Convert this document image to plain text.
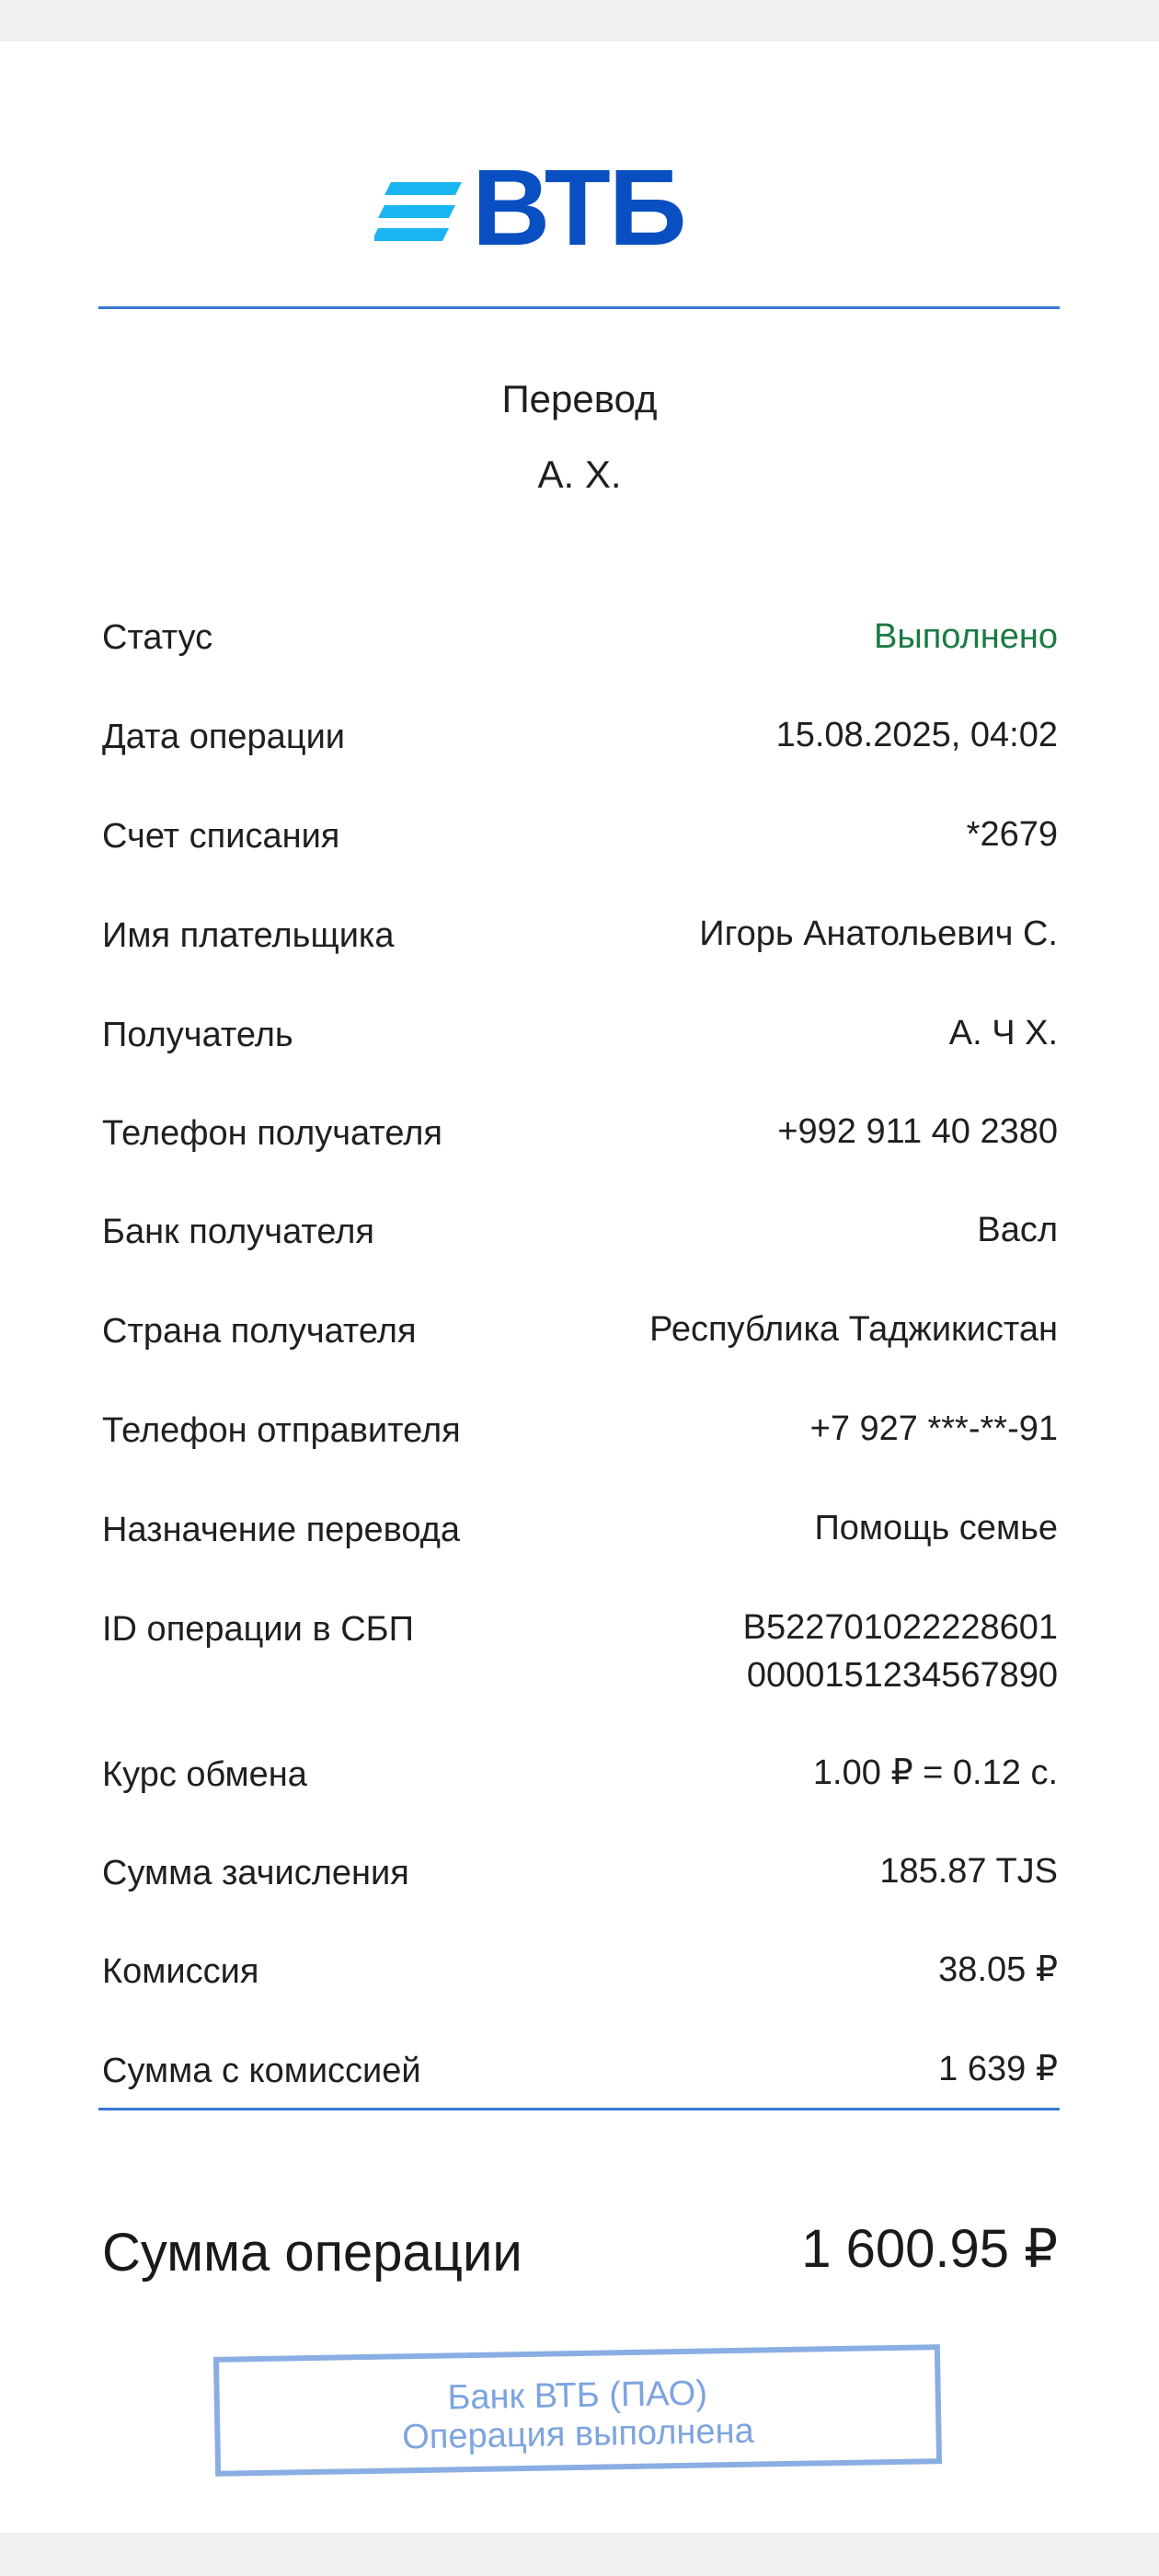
ВТБ
Перевод
А. Х.
Статус	Выполнено
Дата операции	15.08.2025, 04:02
Счет списания	*2679
Имя плательщика	Игорь Анатольевич С.
Получатель	А. Ч Х.
Телефон получателя	+992 911 40 2380
Банк получателя	Васл
Страна получателя	Республика Таджикистан
Телефон отправителя	+7 927 ***-**-91
Назначение перевода	Помощь семье
ID операции в СБП	B522701022228601
0000151234567890
Курс обмена	1.00 ₽ = 0.12 с.
Сумма зачисления	185.87 TJS
Комиссия	38.05 ₽
Сумма с комиссией	1 639 ₽
Сумма операции	1 600.95 ₽
Банк ВТБ (ПАО)
Операция выполнена
